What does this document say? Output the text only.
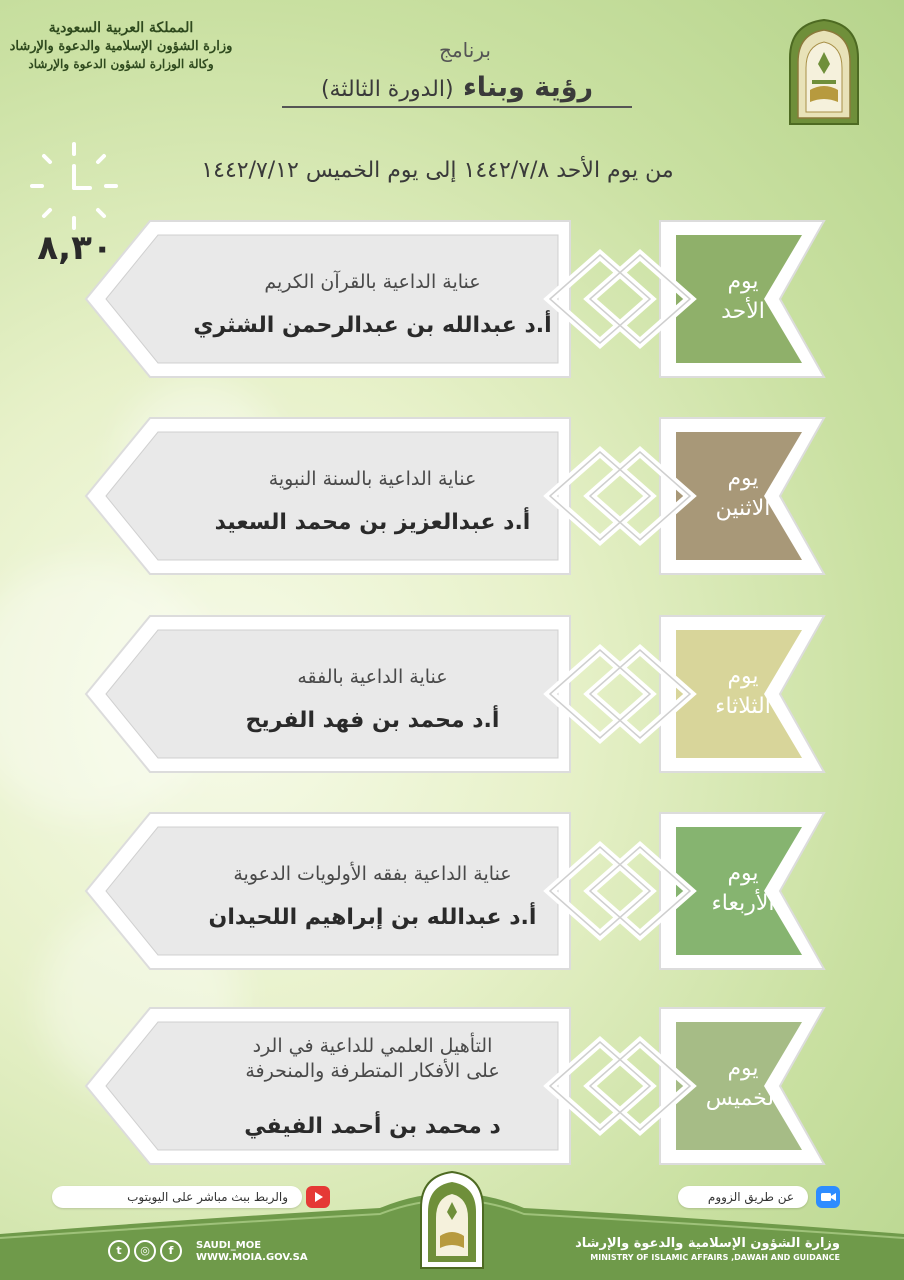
المملكة العربية السعودية
وزارة الشؤون الإسلامية والدعوة والإرشاد
وكالة الوزارة لشؤون الدعوة والإرشاد
برنامج
رؤية وبناء (الدورة الثالثة)
٨,٣٠
من يوم الأحد ١٤٤٢/٧/٨ إلى يوم الخميس ١٤٤٢/٧/١٢
عناية الداعية بالقرآن الكريم
أ.د عبدالله بن عبدالرحمن الشثري
يوم
الأحد
عناية الداعية بالسنة النبوية
أ.د عبدالعزيز بن محمد السعيد
يوم
الاثنين
عناية الداعية بالفقه
أ.د محمد بن فهد الفريح
يوم
الثلاثاء
عناية الداعية بفقه الأولويات الدعوية
أ.د عبدالله بن إبراهيم اللحيدان
يوم
الأربعاء
التأهيل العلمي للداعية في الرد
على الأفكار المتطرفة والمنحرفة
د محمد بن أحمد الفيفي
يوم
الخميس
والربط ببث مباشر على اليويتوب	عن طريق الزووم
t	◎	f	SAUDI_MOE
WWW.MOIA.GOV.SA
وزارة الشؤون الإسلامية والدعوة والإرشاد
MINISTRY OF ISLAMIC AFFAIRS ,DAWAH AND GUIDANCE
